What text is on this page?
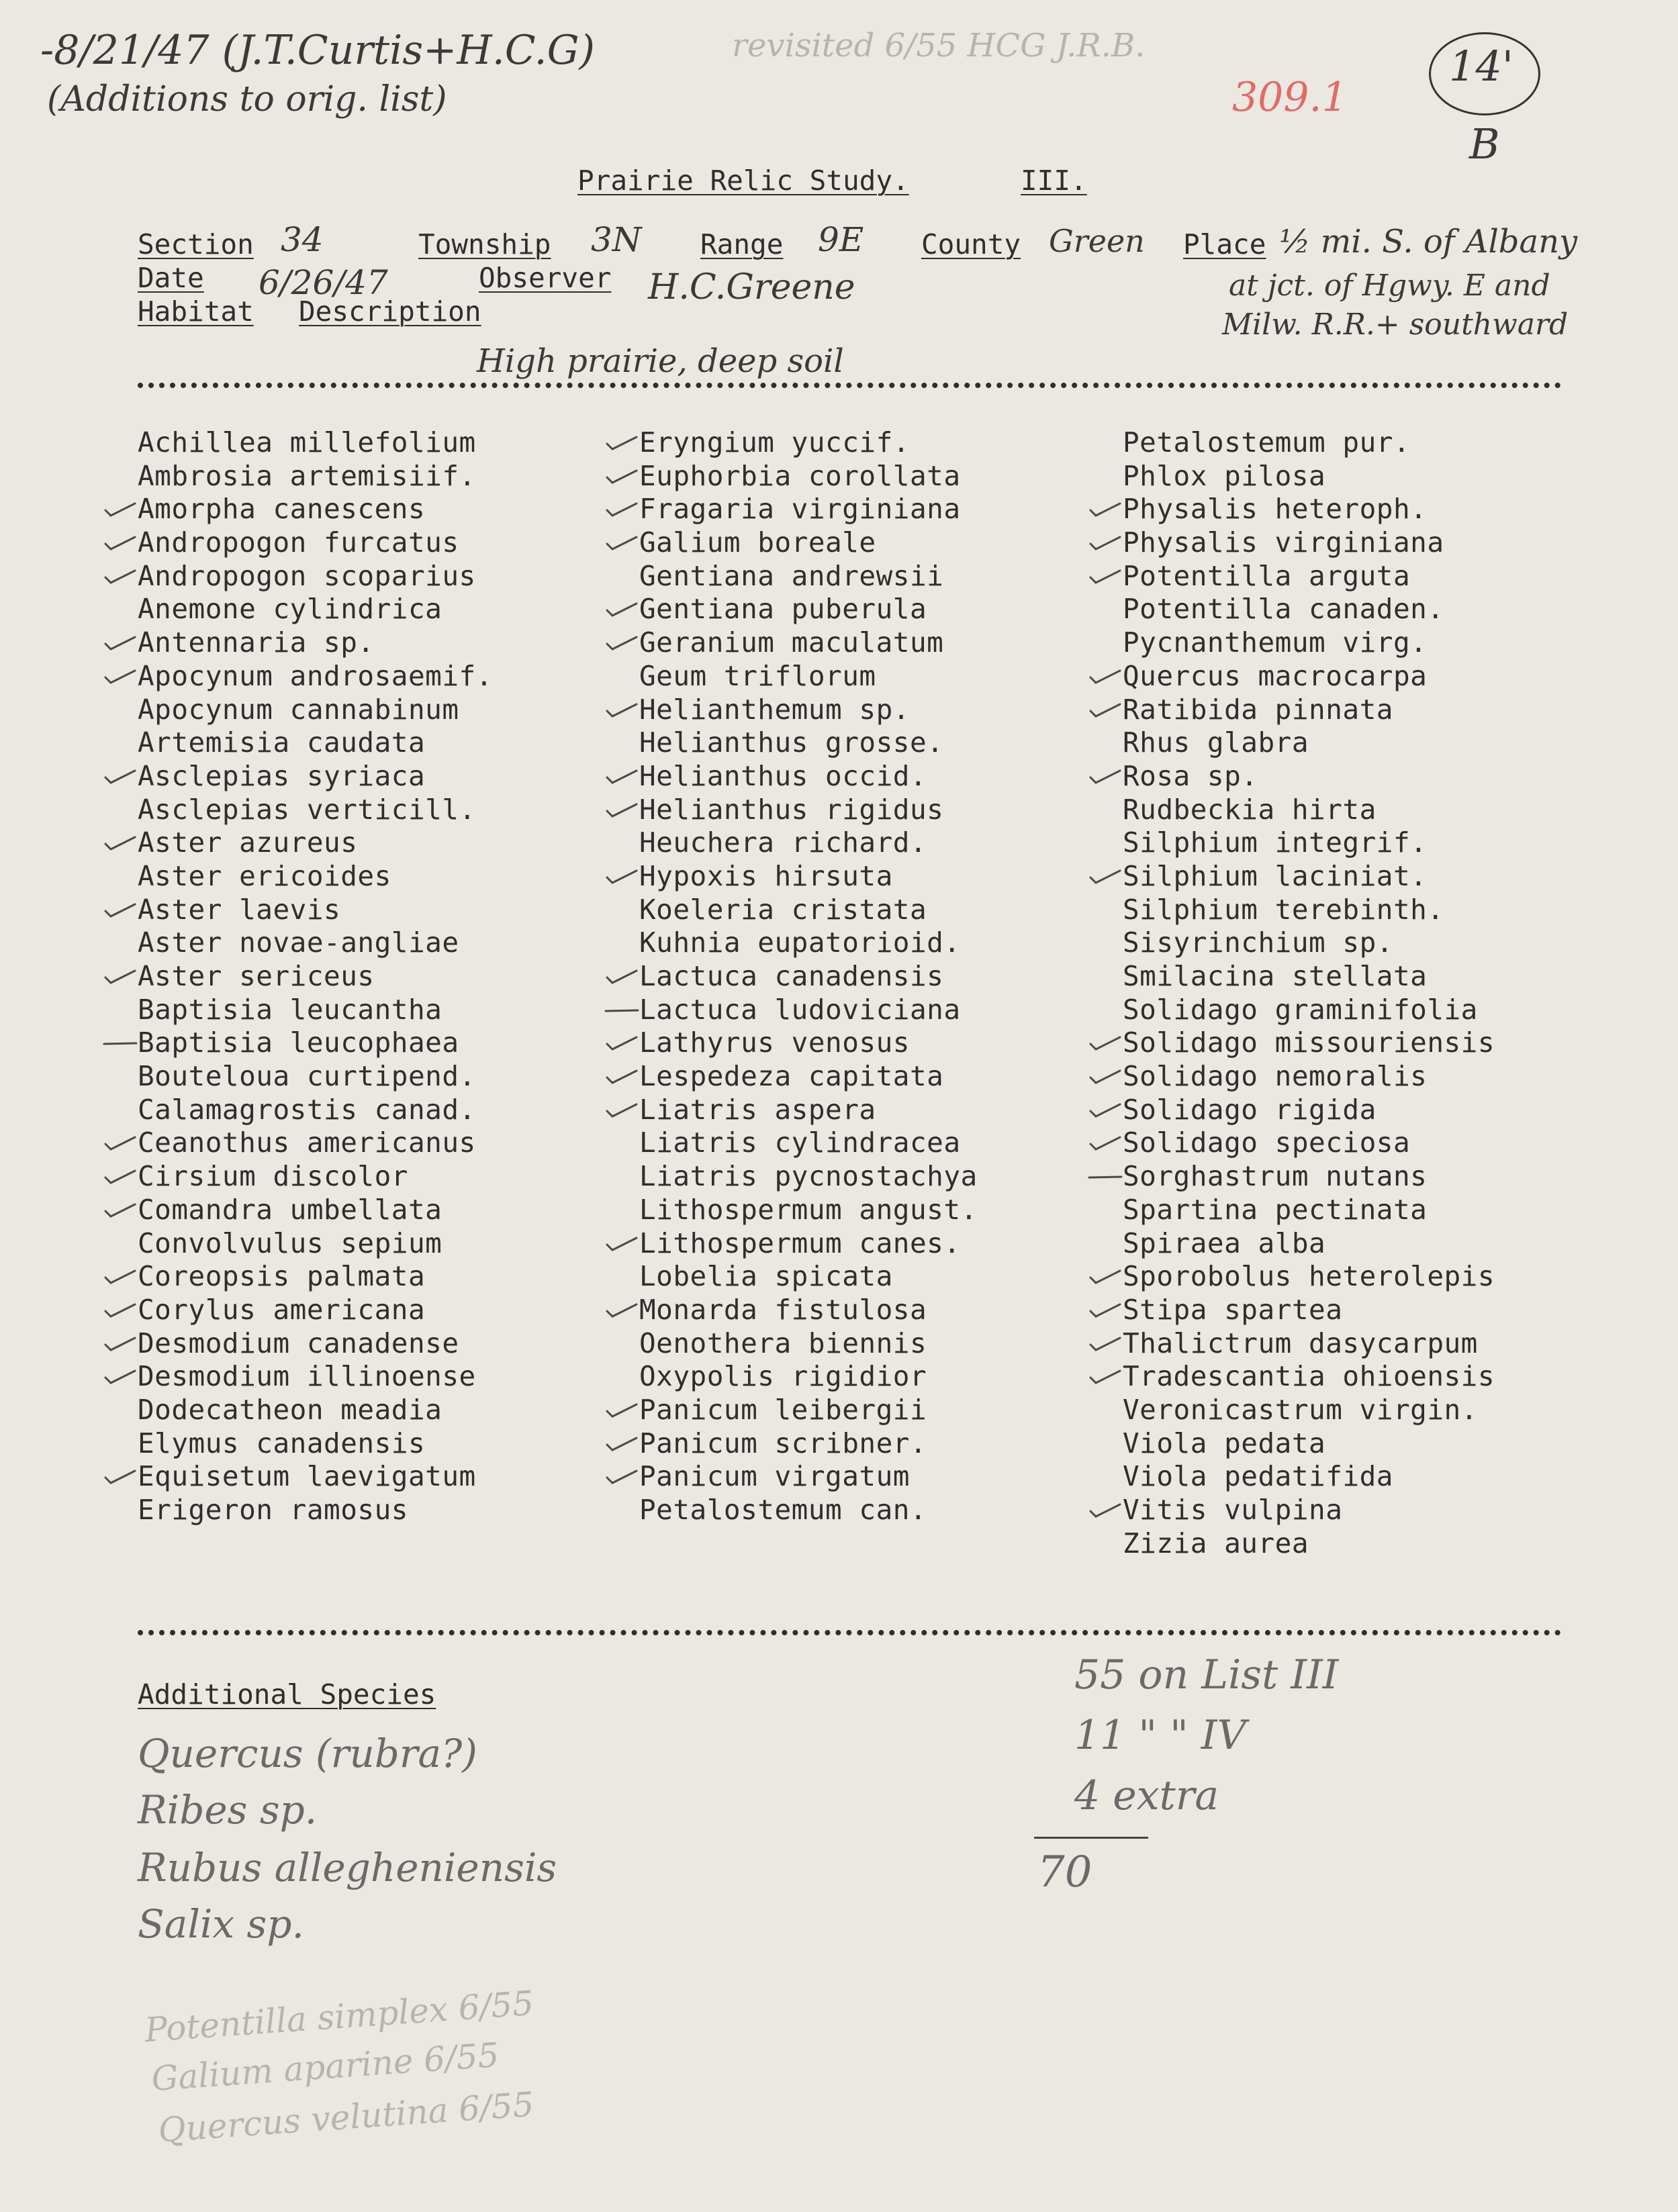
-8/21/47 (J.T.Curtis+H.C.G)
(Additions to orig. list)
revisited 6/55 HCG J.R.B.
309.1
14'
B
Prairie Relic Study.	III.
Section 34	Township 3N Range 9E County Green Place ½ mi. S. of Albany
at jct. of Hgwy. E and
Milw. R.R.+ southward
Date 6/26/47	Observer H.C.Greene
Habitat Description
High prairie, deep soil
Achillea millefolium
Ambrosia artemisiif.
Amorpha canescens
Andropogon furcatus
Andropogon scoparius
Anemone cylindrica
Antennaria sp.
Apocynum androsaemif.
Apocynum cannabinum
Artemisia caudata
Asclepias syriaca
Asclepias verticill.
Aster azureus
Aster ericoides
Aster laevis
Aster novae-angliae
Aster sericeus
Baptisia leucantha
Baptisia leucophaea
Bouteloua curtipend.
Calamagrostis canad.
Ceanothus americanus
Cirsium discolor
Comandra umbellata
Convolvulus sepium
Coreopsis palmata
Corylus americana
Desmodium canadense
Desmodium illinoense
Dodecatheon meadia
Elymus canadensis
Equisetum laevigatum
Erigeron ramosus
Eryngium yuccif.
Euphorbia corollata
Fragaria virginiana
Galium boreale
Gentiana andrewsii
Gentiana puberula
Geranium maculatum
Geum triflorum
Helianthemum sp.
Helianthus grosse.
Helianthus occid.
Helianthus rigidus
Heuchera richard.
Hypoxis hirsuta
Koeleria cristata
Kuhnia eupatorioid.
Lactuca canadensis
Lactuca ludoviciana
Lathyrus venosus
Lespedeza capitata
Liatris aspera
Liatris cylindracea
Liatris pycnostachya
Lithospermum angust.
Lithospermum canes.
Lobelia spicata
Monarda fistulosa
Oenothera biennis
Oxypolis rigidior
Panicum leibergii
Panicum scribner.
Panicum virgatum
Petalostemum can.
Petalostemum pur.
Phlox pilosa
Physalis heteroph.
Physalis virginiana
Potentilla arguta
Potentilla canaden.
Pycnanthemum virg.
Quercus macrocarpa
Ratibida pinnata
Rhus glabra
Rosa sp.
Rudbeckia hirta
Silphium integrif.
Silphium laciniat.
Silphium terebinth.
Sisyrinchium sp.
Smilacina stellata
Solidago graminifolia
Solidago missouriensis
Solidago nemoralis
Solidago rigida
Solidago speciosa
Sorghastrum nutans
Spartina pectinata
Spiraea alba
Sporobolus heterolepis
Stipa spartea
Thalictrum dasycarpum
Tradescantia ohioensis
Veronicastrum virgin.
Viola pedata
Viola pedatifida
Vitis vulpina
Zizia aurea
Additional Species
Quercus (rubra?)
Ribes sp.
Rubus allegheniensis
Salix sp.
Potentilla simplex 6/55
Galium aparine 6/55
Quercus velutina 6/55
55 on List III
11 " " IV
4 extra
70
